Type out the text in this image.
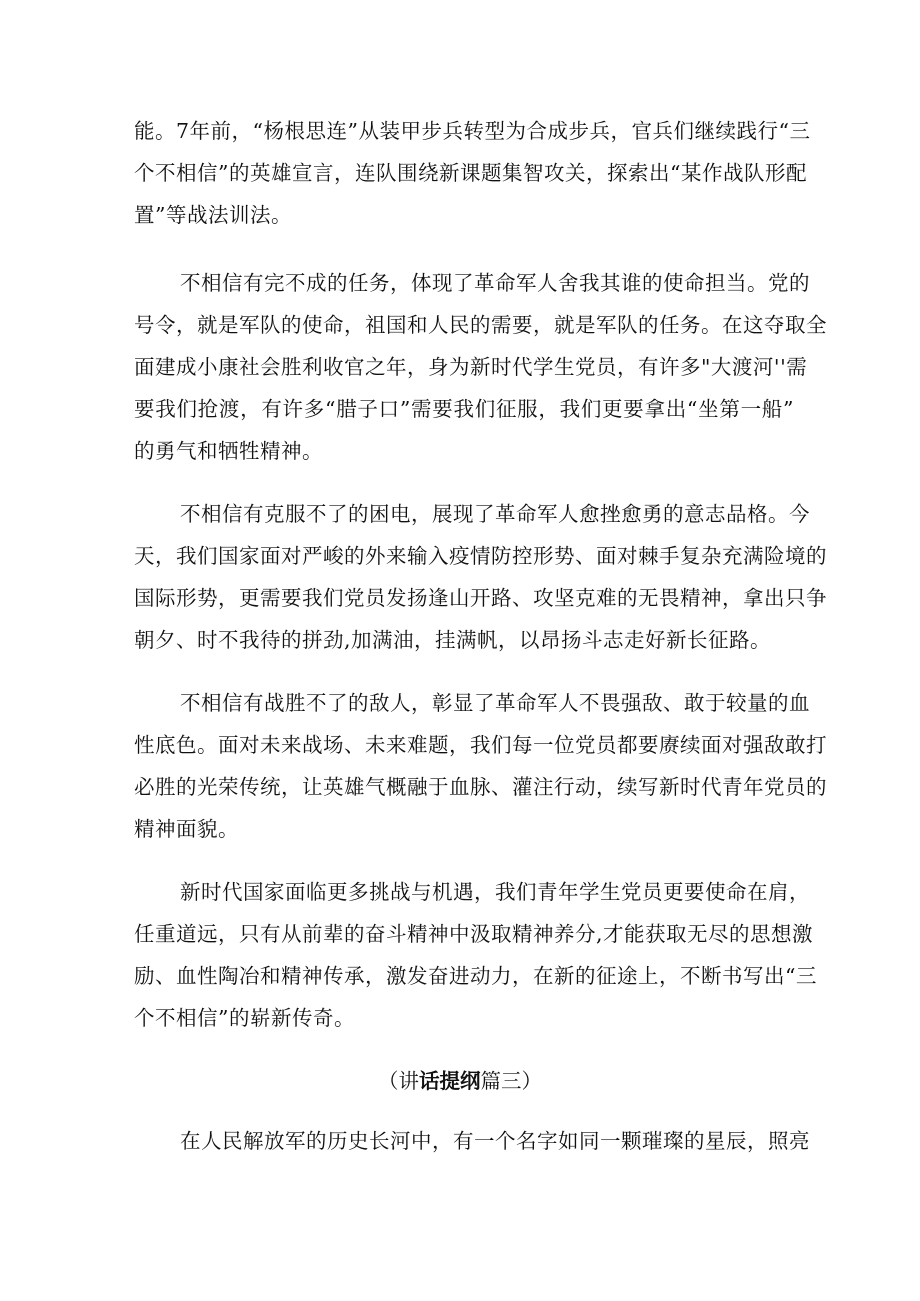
能。7年前，“杨根思连”从装甲步兵转型为合成步兵，官兵们继续践行“三
个不相信”的英雄宣言，连队围绕新课题集智攻关，探索出“某作战队形配
置”等战法训法。
不相信有完不成的任务，体现了革命军人舍我其谁的使命担当。党的
号令，就是军队的使命，祖国和人民的需要，就是军队的任务。在这夺取全
面建成小康社会胜利收官之年，身为新时代学生党员，有许多"大渡河''需
要我们抢渡，有许多“腊子口”需要我们征服，我们更要拿出“坐第一船”
的勇气和牺牲精神。
不相信有克服不了的困电，展现了革命军人愈挫愈勇的意志品格。今
天，我们国家面对严峻的外来输入疫情防控形势、面对棘手复杂充满险境的
国际形势，更需要我们党员发扬逢山开路、攻坚克难的无畏精神，拿出只争
朝夕、时不我待的拼劲,加满油，挂满帆，以昂扬斗志走好新长征路。
不相信有战胜不了的敌人，彰显了革命军人不畏强敌、敢于较量的血
性底色。面对未来战场、未来难题，我们每一位党员都要赓续面对强敌敢打
必胜的光荣传统，让英雄气概融于血脉、灌注行动，续写新时代青年党员的
精神面貌。
新时代国家面临更多挑战与机遇，我们青年学生党员更要使命在肩，
任重道远，只有从前辈的奋斗精神中汲取精神养分,才能获取无尽的思想激
励、血性陶冶和精神传承，激发奋进动力，在新的征途上，不断书写出“三
个不相信”的崭新传奇。
（讲话提纲篇三）
在人民解放军的历史长河中，有一个名字如同一颗璀璨的星辰，照亮
